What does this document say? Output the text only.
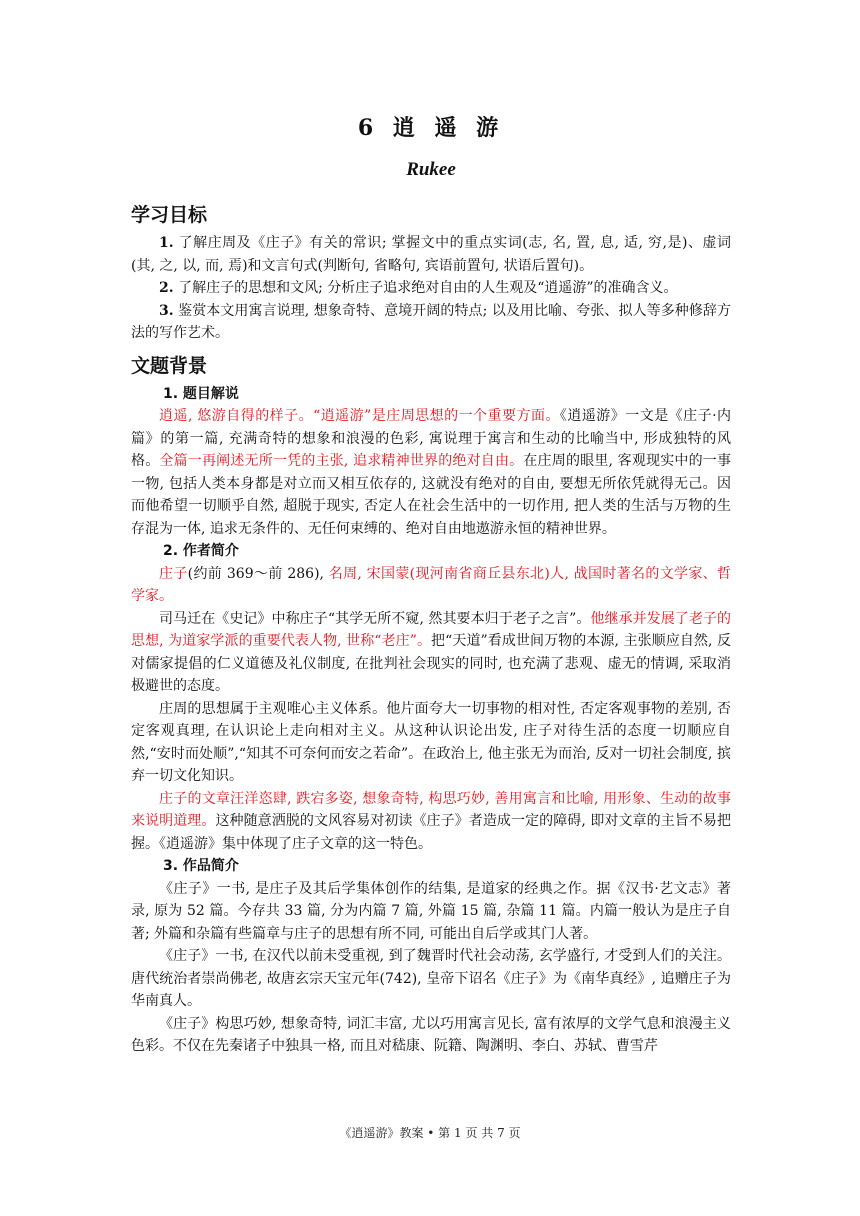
6 逍 遥 游
Rukee
学习目标

1. 了解庄周及《庄子》有关的常识; 掌握文中的重点实词(志, 名, 置, 息, 适, 穷,是)、虚词(其, 之, 以, 而, 焉)和文言句式(判断句, 省略句, 宾语前置句, 状语后置句)。

2. 了解庄子的思想和文风; 分析庄子追求绝对自由的人生观及“逍遥游”的准确含义。

3. 鉴赏本文用寓言说理, 想象奇特、意境开阔的特点; 以及用比喻、夸张、拟人等多种修辞方法的写作艺术。

文题背景
1. 题目解说

逍遥, 悠游自得的样子。“逍遥游”是庄周思想的一个重要方面。《逍遥游》一文是《庄子·内篇》的第一篇, 充满奇特的想象和浪漫的色彩, 寓说理于寓言和生动的比喻当中, 形成独特的风格。全篇一再阐述无所一凭的主张, 追求精神世界的绝对自由。在庄周的眼里, 客观现实中的一事一物, 包括人类本身都是对立而又相互依存的, 这就没有绝对的自由, 要想无所依凭就得无己。因而他希望一切顺乎自然, 超脱于现实, 否定人在社会生活中的一切作用, 把人类的生活与万物的生存混为一体, 追求无条件的、无任何束缚的、绝对自由地遨游永恒的精神世界。

2. 作者简介

庄子(约前 369～前 286), 名周, 宋国蒙(现河南省商丘县东北)人, 战国时著名的文学家、哲学家。

司马迁在《史记》中称庄子“其学无所不窥, 然其要本归于老子之言”。他继承并发展了老子的思想, 为道家学派的重要代表人物, 世称“老庄”。把“天道”看成世间万物的本源, 主张顺应自然, 反对儒家提倡的仁义道德及礼仪制度, 在批判社会现实的同时, 也充满了悲观、虚无的情调, 采取消极避世的态度。

庄周的思想属于主观唯心主义体系。他片面夸大一切事物的相对性, 否定客观事物的差别, 否定客观真理, 在认识论上走向相对主义。从这种认识论出发, 庄子对待生活的态度一切顺应自然,“安时而处顺”,“知其不可奈何而安之若命”。在政治上, 他主张无为而治, 反对一切社会制度, 摈弃一切文化知识。

庄子的文章汪洋恣肆, 跌宕多姿, 想象奇特, 构思巧妙, 善用寓言和比喻, 用形象、生动的故事来说明道理。这种随意洒脱的文风容易对初读《庄子》者造成一定的障碍, 即对文章的主旨不易把握。《逍遥游》集中体现了庄子文章的这一特色。

3. 作品简介

《庄子》一书, 是庄子及其后学集体创作的结集, 是道家的经典之作。据《汉书·艺文志》著录, 原为 52 篇。今存共 33 篇, 分为内篇 7 篇, 外篇 15 篇, 杂篇 11 篇。内篇一般认为是庄子自著; 外篇和杂篇有些篇章与庄子的思想有所不同, 可能出自后学或其门人著。

《庄子》一书, 在汉代以前未受重视, 到了魏晋时代社会动荡, 玄学盛行, 才受到人们的关注。唐代统治者崇尚佛老, 故唐玄宗天宝元年(742), 皇帝下诏名《庄子》为《南华真经》, 追赠庄子为华南真人。

《庄子》构思巧妙, 想象奇特, 词汇丰富, 尤以巧用寓言见长, 富有浓厚的文学气息和浪漫主义色彩。不仅在先秦诸子中独具一格, 而且对嵇康、阮籍、陶渊明、李白、苏轼、曹雪芹

《逍遥游》教案 • 第 1 页 共 7 页
